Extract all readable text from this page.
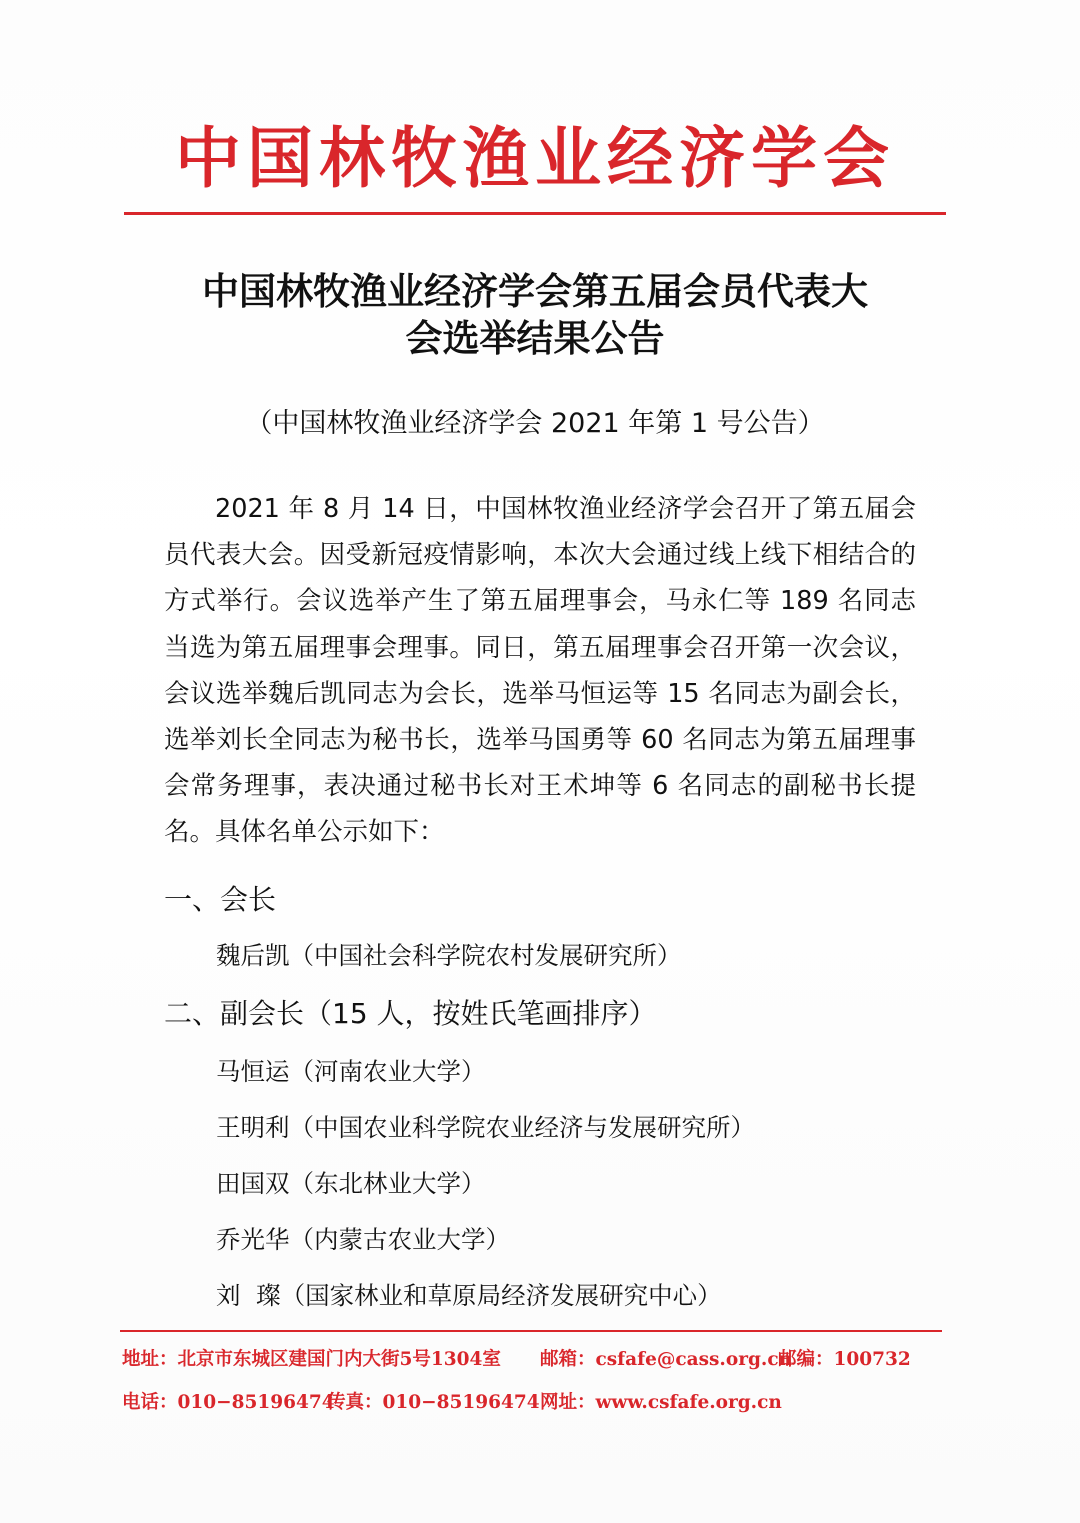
中国林牧渔业经济学会
中国林牧渔业经济学会第五届会员代表大
会选举结果公告
（中国林牧渔业经济学会 2021 年第 1 号公告）
2021 年 8 月 14 日，中国林牧渔业经济学会召开了第五届会员代表大会。因受新冠疫情影响，本次大会通过线上线下相结合的方式举行。会议选举产生了第五届理事会，马永仁等 189 名同志当选为第五届理事会理事。同日，第五届理事会召开第一次会议，会议选举魏后凯同志为会长，选举马恒运等 15 名同志为副会长，选举刘长全同志为秘书长，选举马国勇等 60 名同志为第五届理事会常务理事，表决通过秘书长对王术坤等 6 名同志的副秘书长提名。具体名单公示如下：
一、会长
魏后凯（中国社会科学院农村发展研究所）
二、副会长（15 人，按姓氏笔画排序）
马恒运（河南农业大学）
王明利（中国农业科学院农业经济与发展研究所）
田国双（东北林业大学）
乔光华（内蒙古农业大学）
刘  璨（国家林业和草原局经济发展研究中心）
地址：北京市东城区建国门内大街5号1304室 邮箱：csfafe@cass.org.cn
邮编：100732
电话：010−85196474
传真：010−85196474 网址：www.csfafe.org.cn
